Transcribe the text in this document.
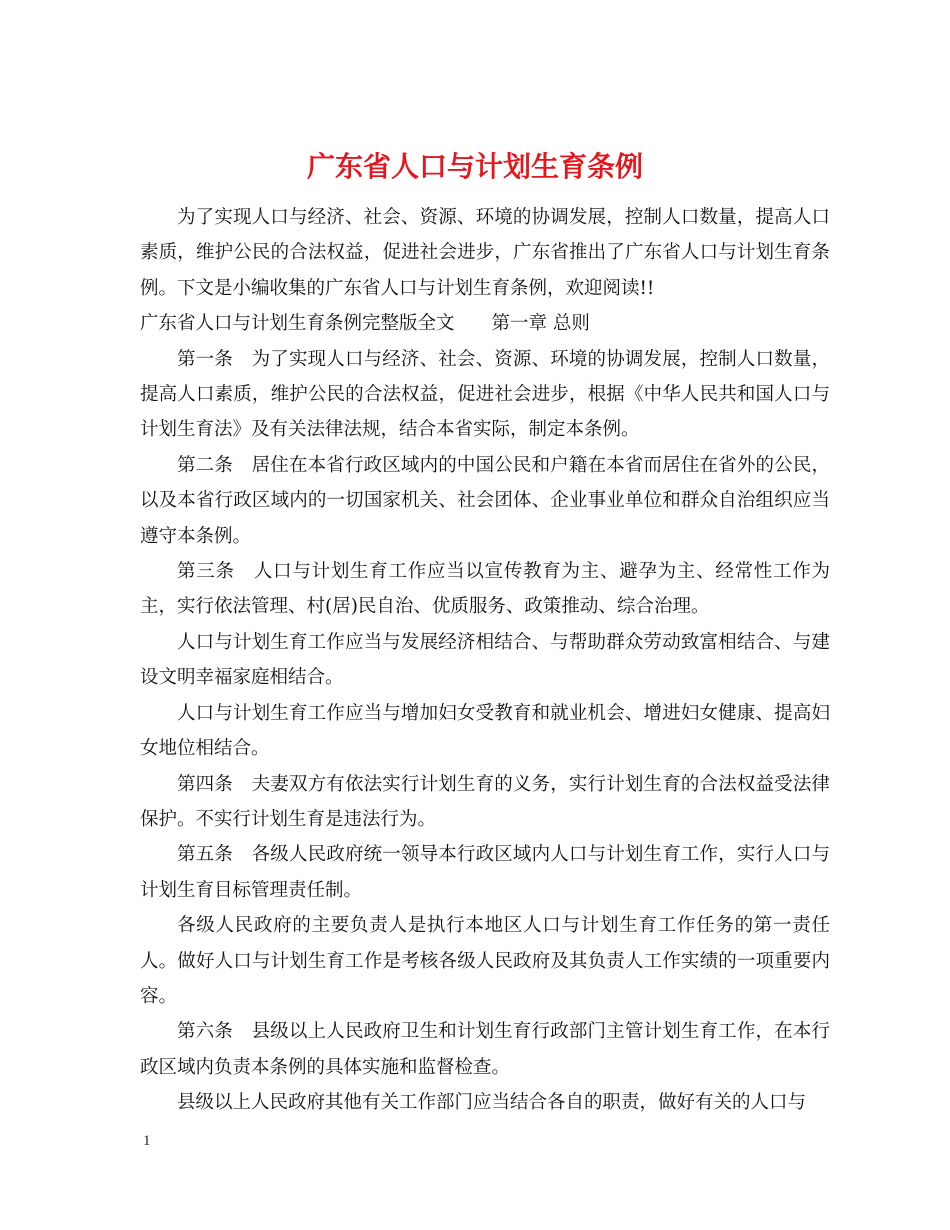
广东省人口与计划生育条例

为了实现人口与经济、社会、资源、环境的协调发展，控制人口数量，提高人口素质，维护公民的合法权益，促进社会进步，广东省推出了广东省人口与计划生育条例。下文是小编收集的广东省人口与计划生育条例，欢迎阅读!!

广东省人口与计划生育条例完整版全文　　第一章 总则

第一条　为了实现人口与经济、社会、资源、环境的协调发展，控制人口数量，提高人口素质，维护公民的合法权益，促进社会进步，根据《中华人民共和国人口与计划生育法》及有关法律法规，结合本省实际，制定本条例。

第二条　居住在本省行政区域内的中国公民和户籍在本省而居住在省外的公民，以及本省行政区域内的一切国家机关、社会团体、企业事业单位和群众自治组织应当遵守本条例。

第三条　人口与计划生育工作应当以宣传教育为主、避孕为主、经常性工作为主，实行依法管理、村(居)民自治、优质服务、政策推动、综合治理。

人口与计划生育工作应当与发展经济相结合、与帮助群众劳动致富相结合、与建设文明幸福家庭相结合。

人口与计划生育工作应当与增加妇女受教育和就业机会、增进妇女健康、提高妇女地位相结合。

第四条　夫妻双方有依法实行计划生育的义务，实行计划生育的合法权益受法律保护。不实行计划生育是违法行为。

第五条　各级人民政府统一领导本行政区域内人口与计划生育工作，实行人口与计划生育目标管理责任制。

各级人民政府的主要负责人是执行本地区人口与计划生育工作任务的第一责任人。做好人口与计划生育工作是考核各级人民政府及其负责人工作实绩的一项重要内容。

第六条　县级以上人民政府卫生和计划生育行政部门主管计划生育工作，在本行政区域内负责本条例的具体实施和监督检查。

县级以上人民政府其他有关工作部门应当结合各自的职责，做好有关的人口与

1
